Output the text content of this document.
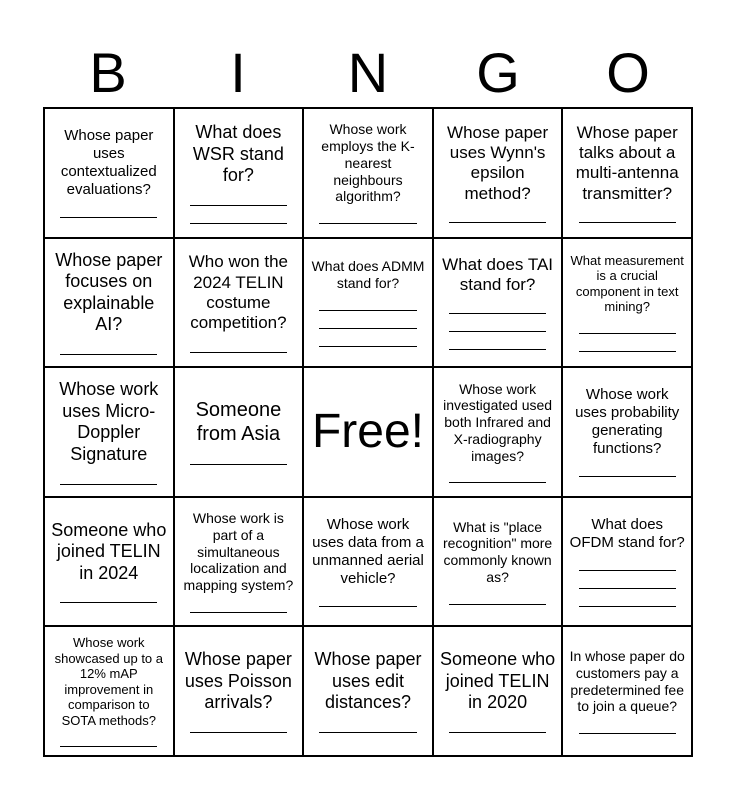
B	I	N	G	O
Whose paper uses contextualized evaluations?
What does WSR stand for?
Whose work employs the K-nearest neighbours algorithm?
Whose paper uses Wynn's epsilon method?
Whose paper talks about a multi-antenna transmitter?
Whose paper focuses on explainable AI?
Who won the 2024 TELIN costume competition?
What does ADMM stand for?
What does TAI stand for?
What measurement is a crucial component in text mining?
Whose work uses Micro-Doppler Signature
Someone from Asia Free!
Whose work investigated used both Infrared and X-radiography images?
Whose work uses probability generating functions?
Someone who joined TELIN in 2024
Whose work is part of a simultaneous localization and mapping system?
Whose work uses data from a unmanned aerial vehicle?
What is "place recognition" more commonly known as?
What does OFDM stand for?
Whose work showcased up to a 12% mAP improvement in comparison to SOTA methods?
Whose paper uses Poisson arrivals?
Whose paper uses edit distances?
Someone who joined TELIN in 2020
In whose paper do customers pay a predetermined fee to join a queue?
